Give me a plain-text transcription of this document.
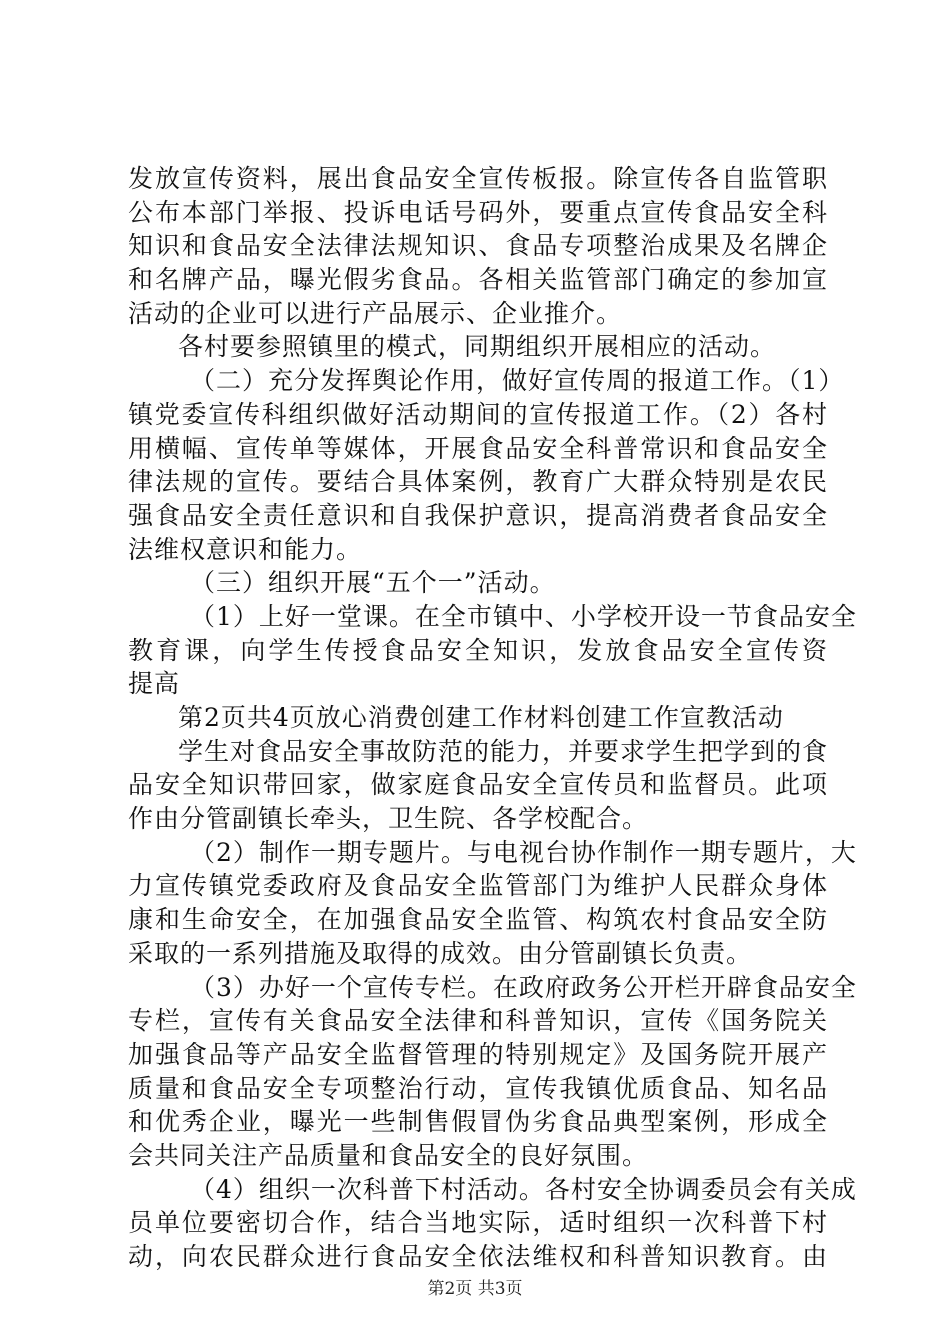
发放宣传资料，展出食品安全宣传板报。除宣传各自监管职
公布本部门举报、投诉电话号码外，要重点宣传食品安全科
知识和食品安全法律法规知识、食品专项整治成果及名牌企
和名牌产品，曝光假劣食品。各相关监管部门确定的参加宣
活动的企业可以进行产品展示、企业推介。
各村要参照镇里的模式，同期组织开展相应的活动。
（二）充分发挥舆论作用，做好宣传周的报道工作。（1）
镇党委宣传科组织做好活动期间的宣传报道工作。（2）各村
用横幅、宣传单等媒体，开展食品安全科普常识和食品安全
律法规的宣传。要结合具体案例，教育广大群众特别是农民
强食品安全责任意识和自我保护意识，提高消费者食品安全
法维权意识和能力。
（三）组织开展“五个一”活动。
（1）上好一堂课。在全市镇中、小学校开设一节食品安全
教育课，向学生传授食品安全知识，发放食品安全宣传资
提高
第2页共4页放心消费创建工作材料创建工作宣教活动
学生对食品安全事故防范的能力，并要求学生把学到的食
品安全知识带回家，做家庭食品安全宣传员和监督员。此项
作由分管副镇长牵头，卫生院、各学校配合。
（2）制作一期专题片。与电视台协作制作一期专题片，大
力宣传镇党委政府及食品安全监管部门为维护人民群众身体
康和生命安全，在加强食品安全监管、构筑农村食品安全防
采取的一系列措施及取得的成效。由分管副镇长负责。
（3）办好一个宣传专栏。在政府政务公开栏开辟食品安全
专栏，宣传有关食品安全法律和科普知识，宣传《国务院关
加强食品等产品安全监督管理的特别规定》及国务院开展产
质量和食品安全专项整治行动，宣传我镇优质食品、知名品
和优秀企业，曝光一些制售假冒伪劣食品典型案例，形成全
会共同关注产品质量和食品安全的良好氛围。
（4）组织一次科普下村活动。各村安全协调委员会有关成
员单位要密切合作，结合当地实际，适时组织一次科普下村
动，向农民群众进行食品安全依法维权和科普知识教育。由
第2页 共3页
